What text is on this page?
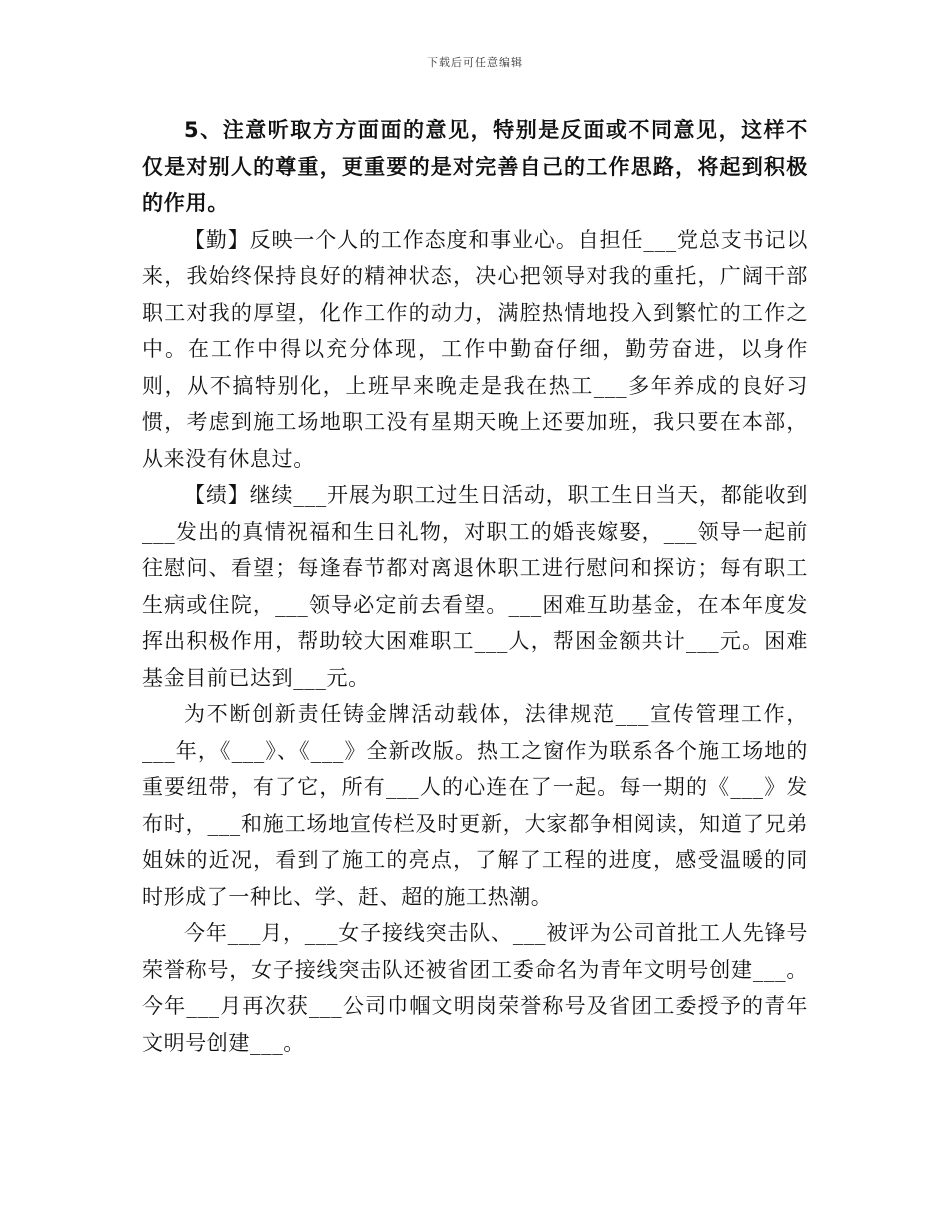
下载后可任意编辑

5、注意听取方方面面的意见，特别是反面或不同意见，这样不仅是对别人的尊重，更重要的是对完善自己的工作思路，将起到积极的作用。

【勤】反映一个人的工作态度和事业心。自担任___党总支书记以来，我始终保持良好的精神状态，决心把领导对我的重托，广阔干部职工对我的厚望，化作工作的动力，满腔热情地投入到繁忙的工作之中。在工作中得以充分体现，工作中勤奋仔细，勤劳奋进，以身作则，从不搞特别化，上班早来晚走是我在热工___多年养成的良好习惯，考虑到施工场地职工没有星期天晚上还要加班，我只要在本部，从来没有休息过。

【绩】继续___开展为职工过生日活动，职工生日当天，都能收到___发出的真情祝福和生日礼物，对职工的婚丧嫁娶，___领导一起前往慰问、看望；每逢春节都对离退休职工进行慰问和探访；每有职工生病或住院，___领导必定前去看望。___困难互助基金，在本年度发挥出积极作用，帮助较大困难职工___人，帮困金额共计___元。困难基金目前已达到___元。

为不断创新责任铸金牌活动载体，法律规范___宣传管理工作，___年，《___》、《___》全新改版。热工之窗作为联系各个施工场地的重要纽带，有了它，所有___人的心连在了一起。每一期的《___》发布时，___和施工场地宣传栏及时更新，大家都争相阅读，知道了兄弟姐妹的近况，看到了施工的亮点，了解了工程的进度，感受温暖的同时形成了一种比、学、赶、超的施工热潮。

今年___月，___女子接线突击队、___被评为公司首批工人先锋号荣誉称号，女子接线突击队还被省团工委命名为青年文明号创建___。今年___月再次获___公司巾帼文明岗荣誉称号及省团工委授予的青年文明号创建___。
